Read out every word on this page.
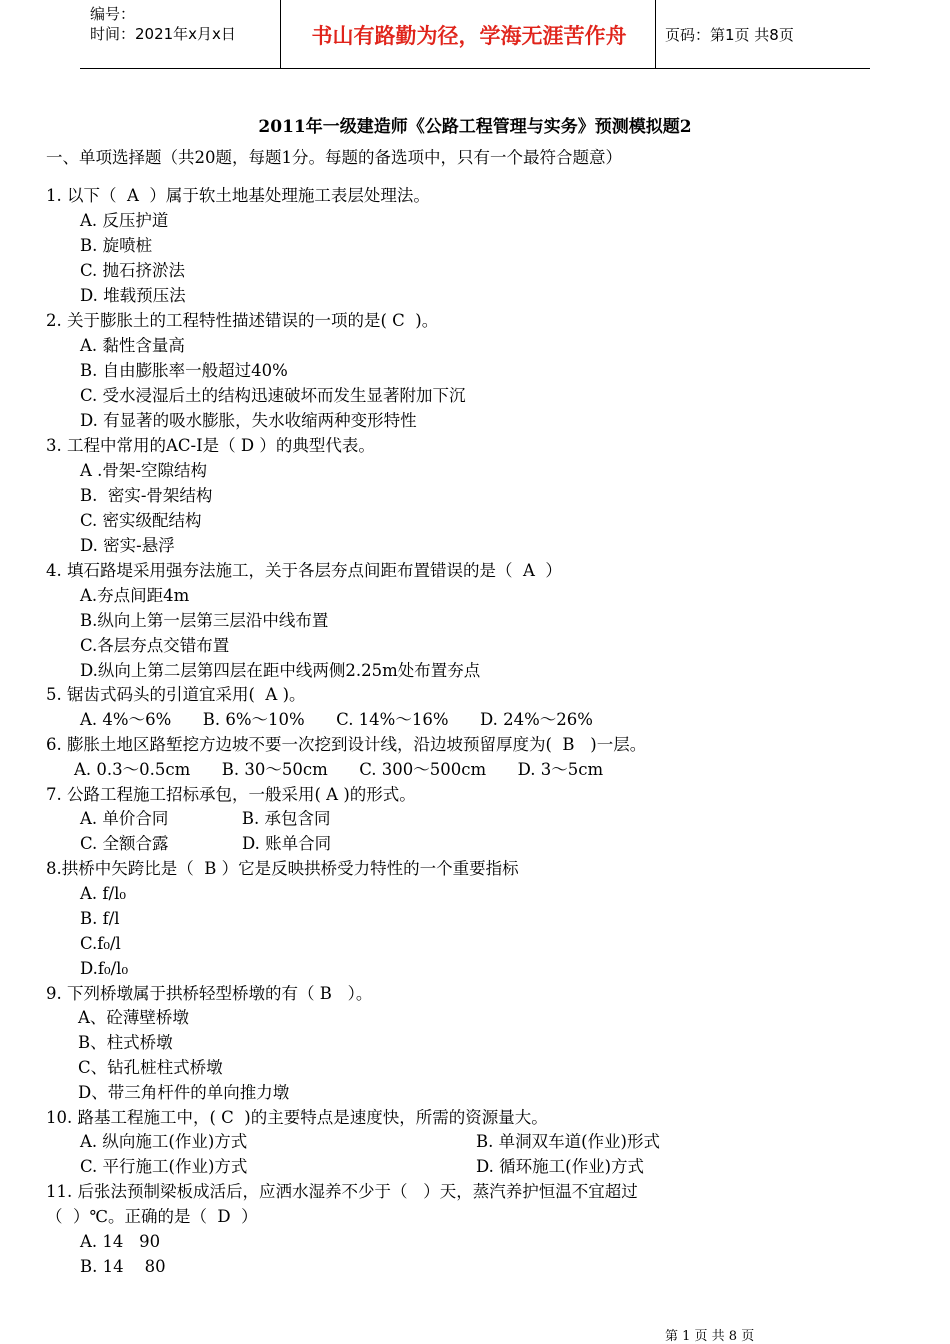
编号：
时间：2021年x月x日	书山有路勤为径，学海无涯苦作舟	页码：第1页 共8页
2011年一级建造师《公路工程管理与实务》预测模拟题2
一、单项选择题（共20题，每题1分。每题的备选项中，只有一个最符合题意）
1. 以下（  A  ）属于软土地基处理施工表层处理法。
A. 反压护道
B. 旋喷桩
C. 抛石挤淤法
D. 堆载预压法
2. 关于膨胀土的工程特性描述错误的一项的是( C  )。
A. 黏性含量高
B. 自由膨胀率一般超过40%
C. 受水浸湿后土的结构迅速破坏而发生显著附加下沉
D. 有显著的吸水膨胀，失水收缩两种变形特性
3. 工程中常用的AC-I是（ D ）的典型代表。
A .骨架-空隙结构
B.  密实-骨架结构
C. 密实级配结构
D. 密实-悬浮
4. 填石路堤采用强夯法施工，关于各层夯点间距布置错误的是（  A  ）
A.夯点间距4m
B.纵向上第一层第三层沿中线布置
C.各层夯点交错布置
D.纵向上第二层第四层在距中线两侧2.25m处布置夯点
5. 锯齿式码头的引道宜采用(  A )。
A. 4%～6%      B. 6%～10%      C. 14%～16%      D. 24%～26%
6. 膨胀土地区路堑挖方边坡不要一次挖到设计线，沿边坡预留厚度为(  B   )一层。
A. 0.3～0.5cm      B. 30～50cm      C. 300～500cm      D. 3～5cm
7. 公路工程施工招标承包，一般采用( A )的形式。
A. 单价合同              B. 承包含同
C. 全额合露              D. 账单合同
8.拱桥中矢跨比是（  B ）它是反映拱桥受力特性的一个重要指标
A. f/l₀
B. f/l
C.f₀/l
D.f₀/l₀
9. 下列桥墩属于拱桥轻型桥墩的有（ B   ）。
A、砼薄壁桥墩
B、柱式桥墩
C、钻孔桩柱式桥墩
D、带三角杆件的单向推力墩
10. 路基工程施工中，( C  )的主要特点是速度快，所需的资源量大。
A. 纵向施工(作业)方式	B. 单洞双车道(作业)形式
C. 平行施工(作业)方式	D. 循环施工(作业)方式
11. 后张法预制梁板成活后，应洒水湿养不少于（   ）天，蒸汽养护恒温不宜超过
（  ）℃。正确的是（  D  ）
A. 14   90
B. 14    80
第 1 页 共 8 页
